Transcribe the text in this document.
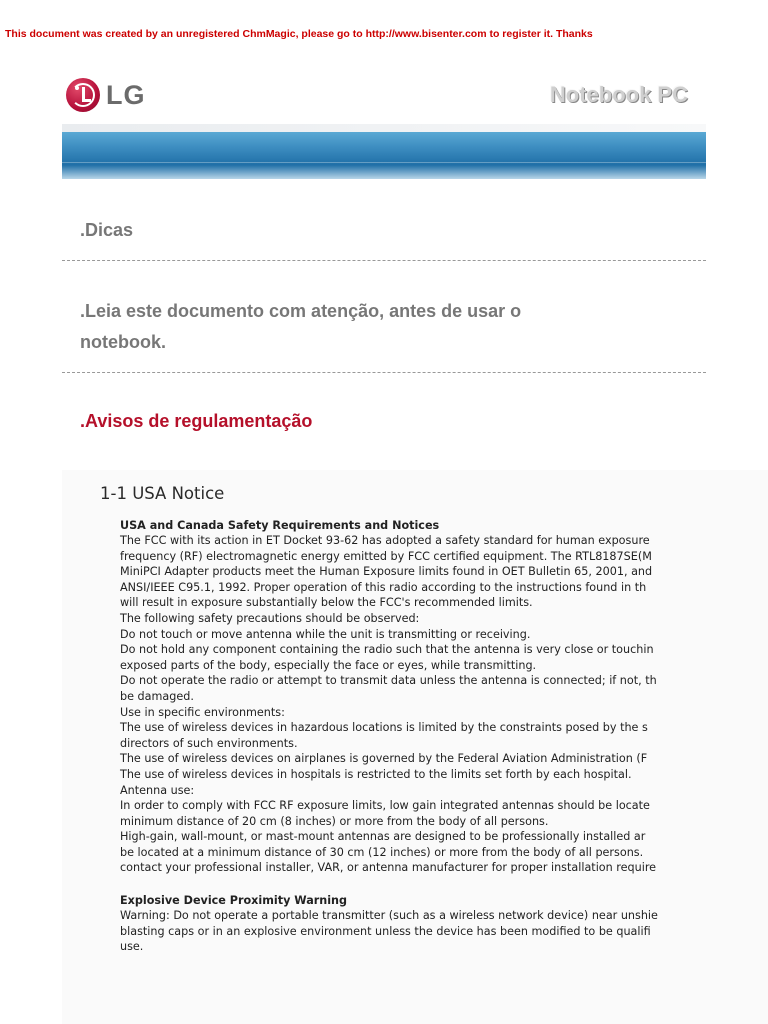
This document was created by an unregistered ChmMagic, please go to http://www.bisenter.com to register it. Thanks
LG	Notebook PC
.Dicas
.Leia este documento com atenção, antes de usar o
notebook.
.Avisos de regulamentação
1-1 USA Notice
USA and Canada Safety Requirements and Notices
The FCC with its action in ET Docket 93-62 has adopted a safety standard for human exposure
frequency (RF) electromagnetic energy emitted by FCC certified equipment. The RTL8187SE(M
MiniPCI Adapter products meet the Human Exposure limits found in OET Bulletin 65, 2001, and
ANSI/IEEE C95.1, 1992. Proper operation of this radio according to the instructions found in th
will result in exposure substantially below the FCC's recommended limits.
The following safety precautions should be observed:
Do not touch or move antenna while the unit is transmitting or receiving.
Do not hold any component containing the radio such that the antenna is very close or touchin
exposed parts of the body, especially the face or eyes, while transmitting.
Do not operate the radio or attempt to transmit data unless the antenna is connected; if not, th
be damaged.
Use in specific environments:
The use of wireless devices in hazardous locations is limited by the constraints posed by the s
directors of such environments.
The use of wireless devices on airplanes is governed by the Federal Aviation Administration (F
The use of wireless devices in hospitals is restricted to the limits set forth by each hospital.
Antenna use:
In order to comply with FCC RF exposure limits, low gain integrated antennas should be locate
minimum distance of 20 cm (8 inches) or more from the body of all persons.
High-gain, wall-mount, or mast-mount antennas are designed to be professionally installed ar
be located at a minimum distance of 30 cm (12 inches) or more from the body of all persons.
contact your professional installer, VAR, or antenna manufacturer for proper installation require
Explosive Device Proximity Warning
Warning: Do not operate a portable transmitter (such as a wireless network device) near unshie
blasting caps or in an explosive environment unless the device has been modified to be qualifi
use.
